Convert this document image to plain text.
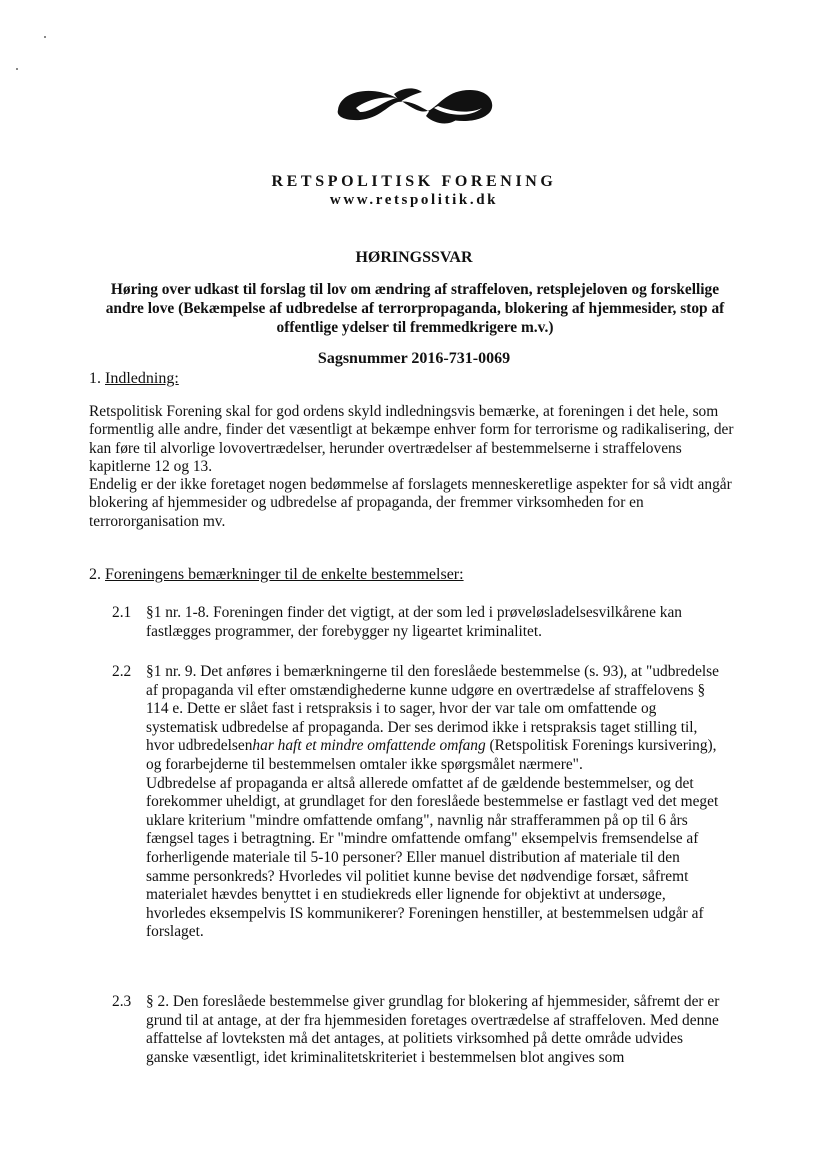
RETSPOLITISK FORENING
www.retspolitik.dk
HØRINGSSVAR
Høring over udkast til forslag til lov om ændring af straffeloven, retsplejeloven og forskellige andre love (Bekæmpelse af udbredelse af terrorpropaganda, blokering af hjemmesider, stop af offentlige ydelser til fremmedkrigere m.v.)
Sagsnummer 2016-731-0069
1. Indledning:

Retspolitisk Forening skal for god ordens skyld indledningsvis bemærke, at foreningen i det hele, som formentlig alle andre, finder det væsentligt at bekæmpe enhver form for terrorisme og radikalisering, der kan føre til alvorlige lovovertrædelser, herunder overtrædelser af bestemmelserne i straffelovens kapitlerne 12 og 13.

Endelig er der ikke foretaget nogen bedømmelse af forslagets menneskeretlige aspekter for så vidt angår blokering af hjemmesider og udbredelse af propaganda, der fremmer virksomheden for en terrororganisation mv.

2. Foreningens bemærkninger til de enkelte bestemmelser:
2.1 §1 nr. 1-8. Foreningen finder det vigtigt, at der som led i prøveløsladelsesvilkårene kan fastlægges programmer, der forebygger ny ligeartet kriminalitet.

2.2 §1 nr. 9. Det anføres i bemærkningerne til den foreslåede bestemmelse (s. 93), at "udbredelse af propaganda vil efter omstændighederne kunne udgøre en overtrædelse af straffelovens § 114 e. Dette er slået fast i retspraksis i to sager, hvor der var tale om omfattende og systematisk udbredelse af propaganda. Der ses derimod ikke i retspraksis taget stilling til, hvor udbredelsenhar haft et mindre omfattende omfang (Retspolitisk Forenings kursivering), og forarbejderne til bestemmelsen omtaler ikke spørgsmålet nærmere".

Udbredelse af propaganda er altså allerede omfattet af de gældende bestemmelser, og det forekommer uheldigt, at grundlaget for den foreslåede bestemmelse er fastlagt ved det meget uklare kriterium "mindre omfattende omfang", navnlig når strafferammen på op til 6 års fængsel tages i betragtning. Er "mindre omfattende omfang" eksempelvis fremsendelse af forherligende materiale til 5-10 personer? Eller manuel distribution af materiale til den samme personkreds? Hvorledes vil politiet kunne bevise det nødvendige forsæt, såfremt materialet hævdes benyttet i en studiekreds eller lignende for objektivt at undersøge, hvorledes eksempelvis IS kommunikerer? Foreningen henstiller, at bestemmelsen udgår af forslaget.

2.3 § 2. Den foreslåede bestemmelse giver grundlag for blokering af hjemmesider, såfremt der er grund til at antage, at der fra hjemmesiden foretages overtrædelse af straffeloven. Med denne affattelse af lovteksten må det antages, at politiets virksomhed på dette område udvides ganske væsentligt, idet kriminalitetskriteriet i bestemmelsen blot angives som
